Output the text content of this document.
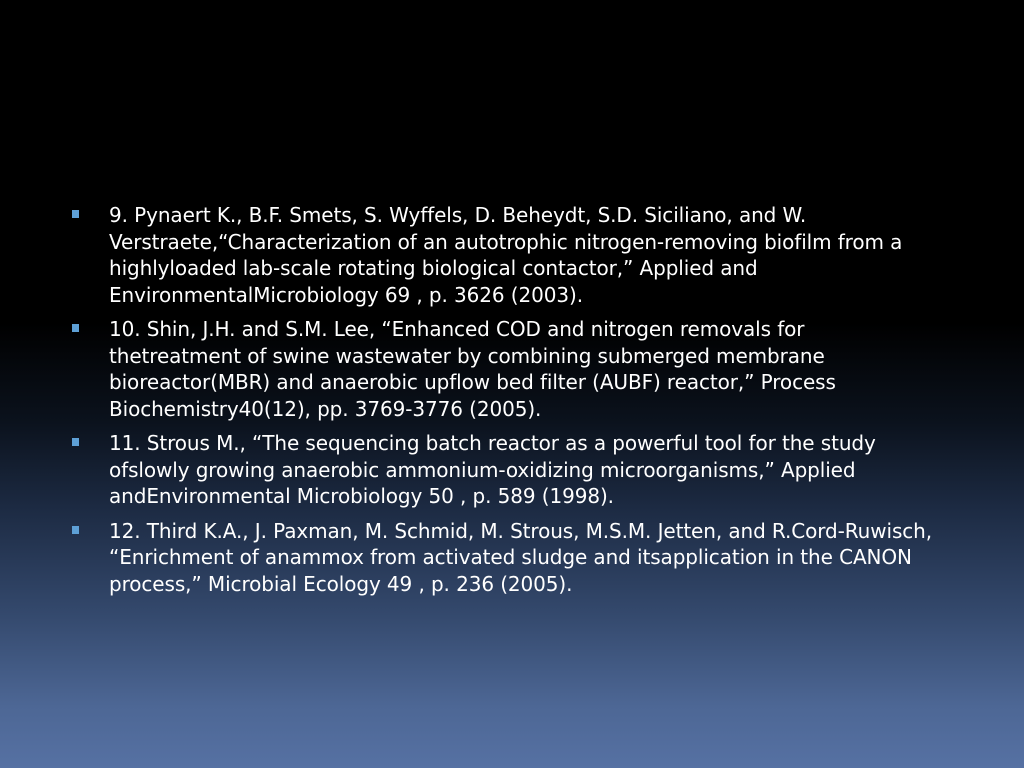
9. Pynaert K., B.F. Smets, S. Wyffels, D. Beheydt, S.D. Siciliano, and W. Verstraete,“Characterization of an autotrophic nitrogen-removing biofilm from a highlyloaded lab-scale rotating biological contactor,” Applied and EnvironmentalMicrobiology 69 , p. 3626 (2003).
10. Shin, J.H. and S.M. Lee, “Enhanced COD and nitrogen removals for thetreatment of swine wastewater by combining submerged membrane bioreactor(MBR) and anaerobic upflow bed filter (AUBF) reactor,” Process Biochemistry40(12), pp. 3769-3776 (2005).
11. Strous M., “The sequencing batch reactor as a powerful tool for the study ofslowly growing anaerobic ammonium-oxidizing microorganisms,” Applied andEnvironmental Microbiology 50 , p. 589 (1998).
12. Third K.A., J. Paxman, M. Schmid, M. Strous, M.S.M. Jetten, and R.Cord-Ruwisch, “Enrichment of anammox from activated sludge and itsapplication in the CANON process,” Microbial Ecology 49 , p. 236 (2005).
